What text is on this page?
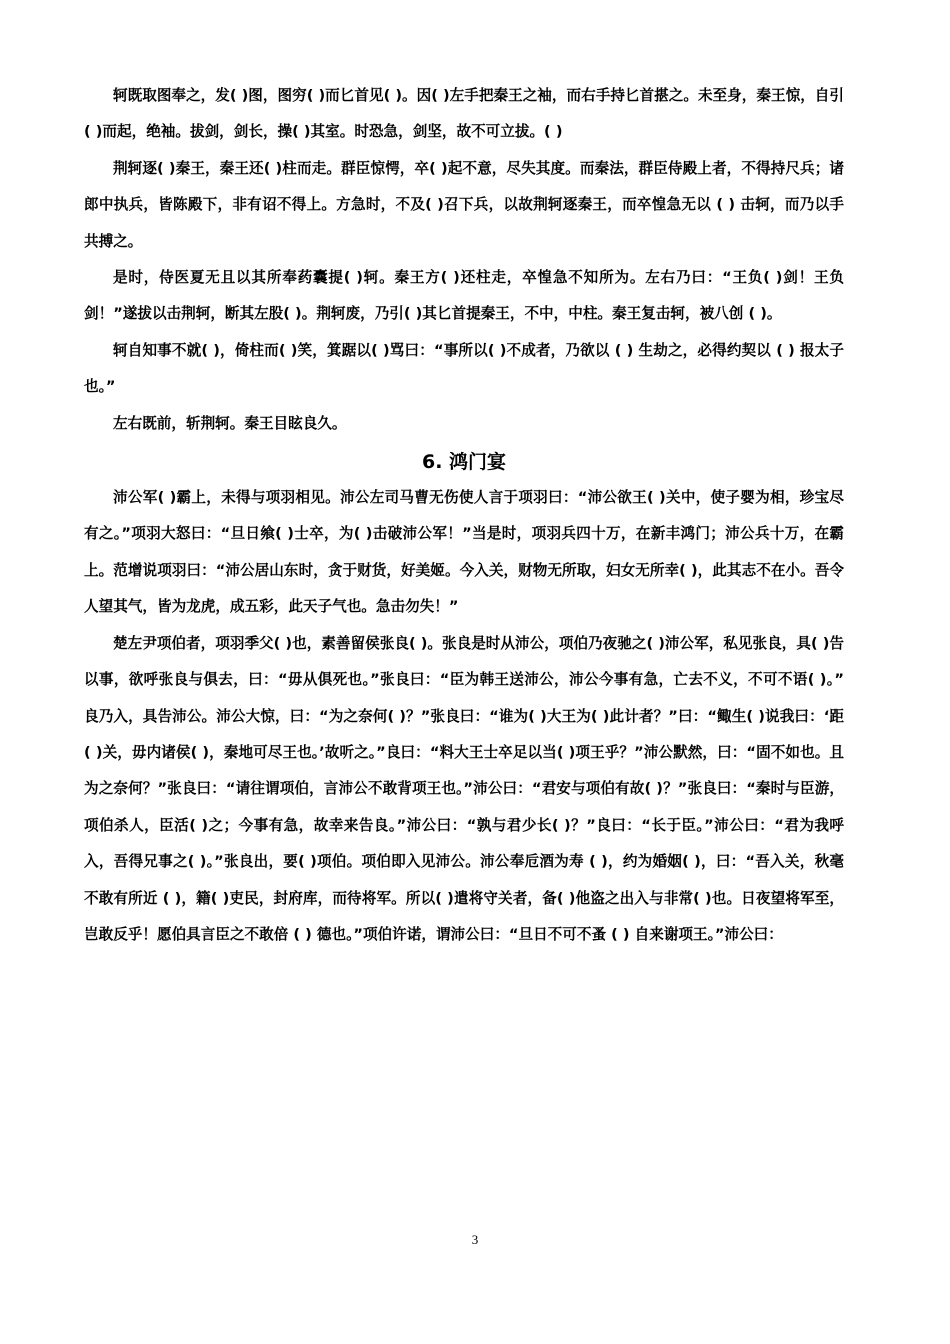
轲既取图奉之，发( )图，图穷( )而匕首见( )。因( )左手把秦王之袖，而右手持匕首揕之。未至身，秦王惊，自引( )而起，绝袖。拔剑，剑长，操( )其室。时恐急，剑坚，故不可立拔。( )

荆轲逐( )秦王，秦王还( )柱而走。群臣惊愕，卒( )起不意，尽失其度。而秦法，群臣侍殿上者，不得持尺兵；诸郎中执兵，皆陈殿下，非有诏不得上。方急时，不及( )召下兵，以故荆轲逐秦王，而卒惶急无以 ( ) 击轲，而乃以手共搏之。

是时，侍医夏无且以其所奉药囊提( )轲。秦王方( )还柱走，卒惶急不知所为。左右乃曰：“王负( )剑！王负剑！”遂拔以击荆轲，断其左股( )。荆轲废，乃引( )其匕首提秦王，不中，中柱。秦王复击轲，被八创 ( )。

轲自知事不就( )，倚柱而( )笑，箕踞以( )骂曰：“事所以( )不成者，乃欲以 ( ) 生劫之，必得约契以 ( ) 报太子也。”

左右既前，斩荆轲。秦王目眩良久。

6. 鸿门宴

沛公军( )霸上，未得与项羽相见。沛公左司马曹无伤使人言于项羽曰：“沛公欲王( )关中，使子婴为相，珍宝尽有之。”项羽大怒曰：“旦日飨( )士卒，为( )击破沛公军！”当是时，项羽兵四十万，在新丰鸿门；沛公兵十万，在霸上。范增说项羽曰：“沛公居山东时，贪于财货，好美姬。今入关，财物无所取，妇女无所幸( )，此其志不在小。吾令人望其气，皆为龙虎，成五彩，此天子气也。急击勿失！”

楚左尹项伯者，项羽季父( )也，素善留侯张良( )。张良是时从沛公，项伯乃夜驰之( )沛公军，私见张良，具( )告以事，欲呼张良与俱去，曰：“毋从俱死也。”张良曰：“臣为韩王送沛公，沛公今事有急，亡去不义，不可不语( )。” 良乃入，具告沛公。沛公大惊，曰：“为之奈何( )？”张良曰：“谁为( )大王为( )此计者？”曰：“鲰生( )说我曰：‘距( )关，毋内诸侯( )，秦地可尽王也。’故听之。”良曰：“料大王士卒足以当( )项王乎？”沛公默然，曰：“固不如也。且为之奈何？”张良曰：“请往谓项伯，言沛公不敢背项王也。”沛公曰：“君安与项伯有故( )？”张良曰：“秦时与臣游，项伯杀人，臣活( )之；今事有急，故幸来告良。”沛公曰：“孰与君少长( )？”良曰：“长于臣。”沛公曰：“君为我呼入，吾得兄事之( )。”张良出，要( )项伯。项伯即入见沛公。沛公奉卮酒为寿 ( )，约为婚姻( )，曰：“吾入关，秋毫不敢有所近 ( )，籍( )吏民，封府库，而待将军。所以( )遣将守关者，备( )他盗之出入与非常( )也。日夜望将军至，岂敢反乎！愿伯具言臣之不敢倍 ( ) 德也。”项伯许诺，谓沛公曰：“旦日不可不蚤 ( ) 自来谢项王。”沛公曰：

3
